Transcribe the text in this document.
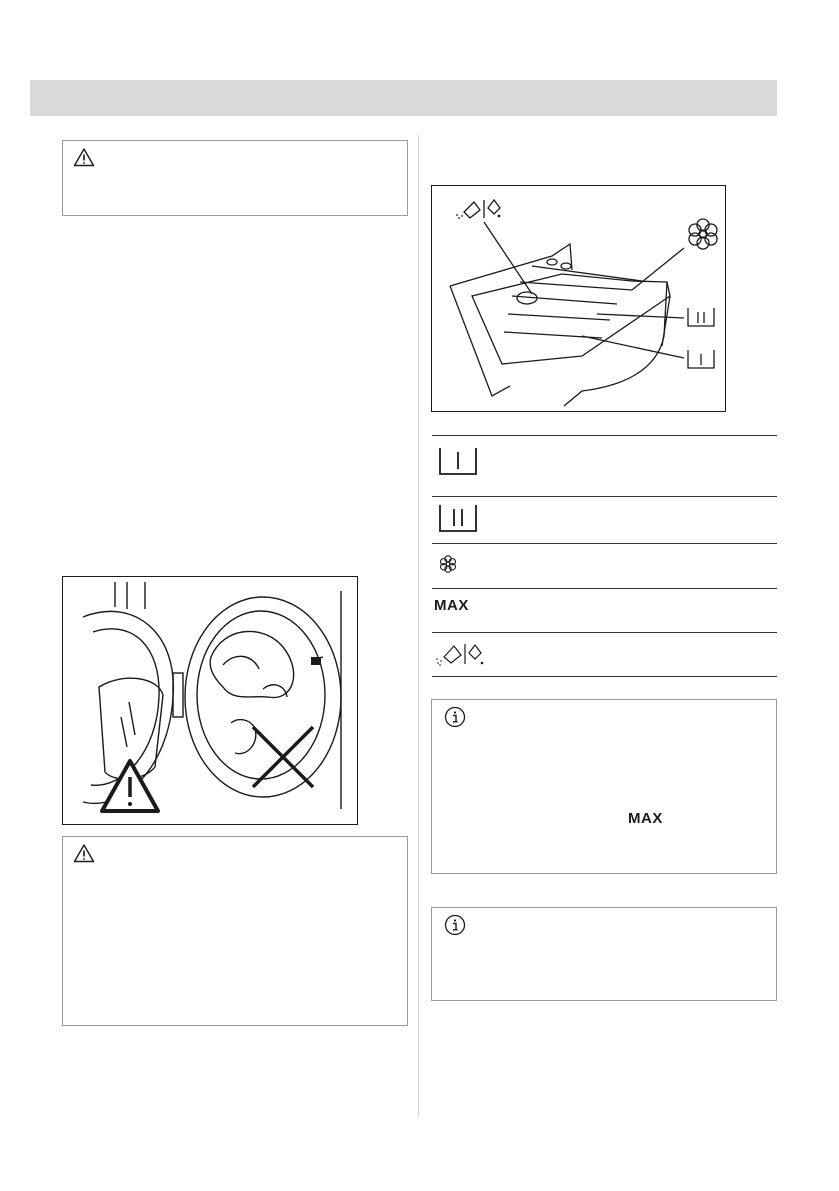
MAX
MAX
